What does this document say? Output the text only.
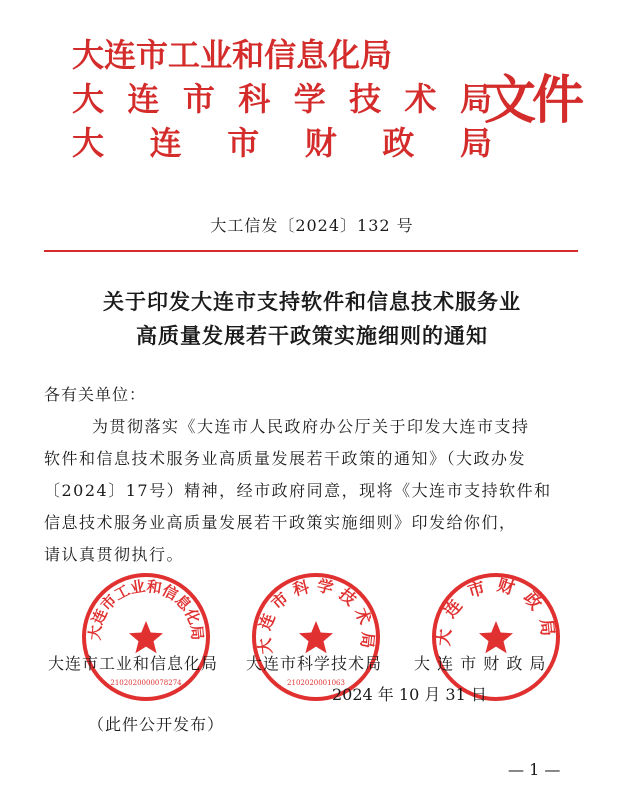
大 连 市 工 业 和 信 息 化 局
大 连 市 科 学 技 术 局
大 连 市 财 政 局
文件
大工信发〔2024〕132 号
关于印发大连市支持软件和信息技术服务业
高质量发展若干政策实施细则的通知
各有关单位：
为贯彻落实《大连市人民政府办公厅关于印发大连市支持
软件和信息技术服务业高质量发展若干政策的通知》（大政办发
〔2024〕17号）精神，经市政府同意，现将《大连市支持软件和
信息技术服务业高质量发展若干政策实施细则》印发给你们，
请认真贯彻执行。
大连市工业和信息化局
2102020000078274
大连市科学技术局
2102020001063
大连市财政局
大连市工业和信息化局 大连市科学技术局 大 连 市 财 政 局
2024 年 10 月 31 日
（此件公开发布）
— 1 —
